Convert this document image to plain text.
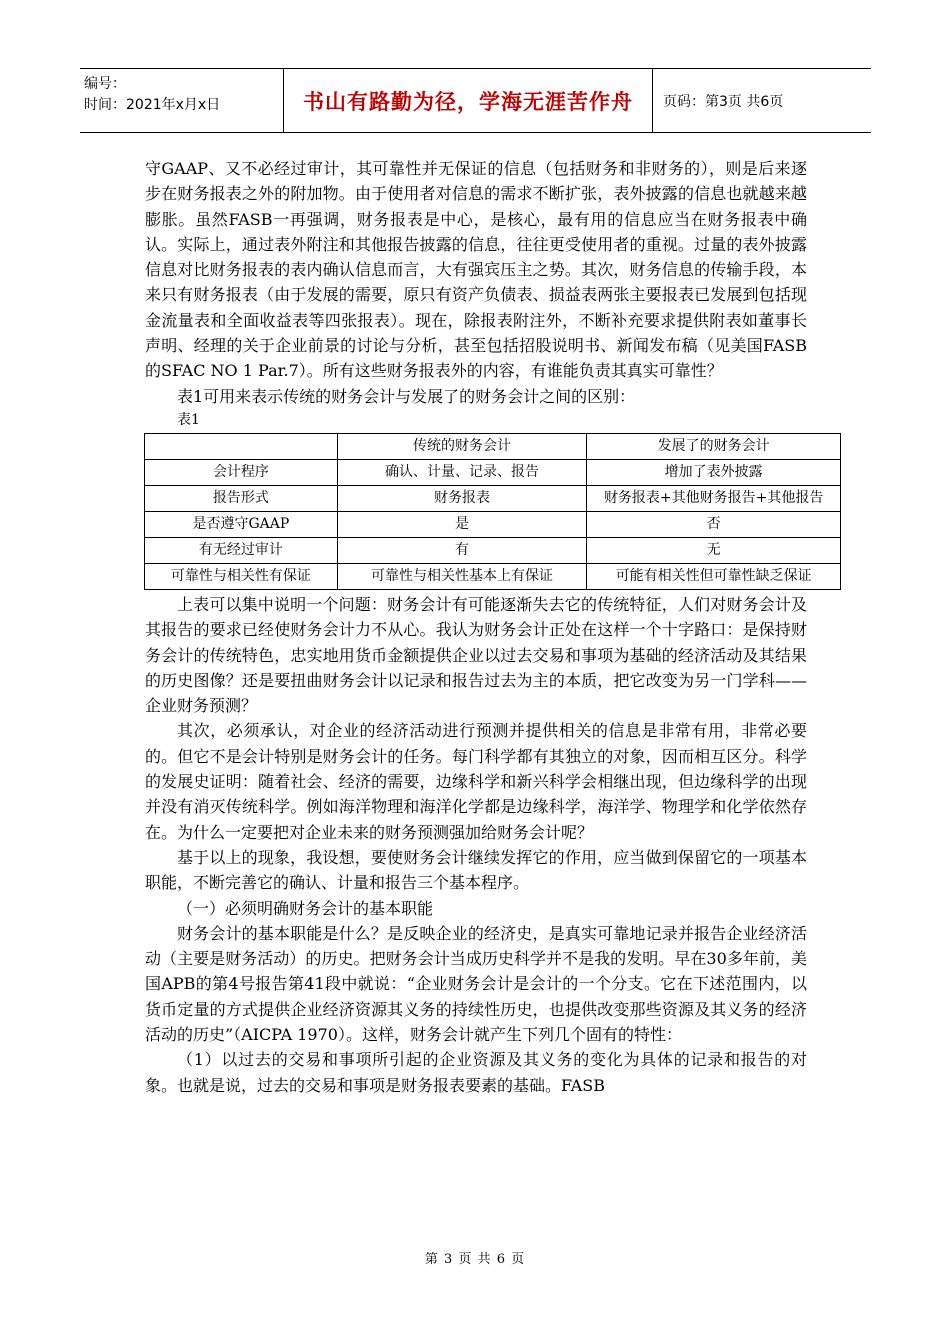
编号：
时间：2021年x月x日	书山有路勤为径，学海无涯苦作舟	页码：第3页 共6页

守GAAP、又不必经过审计，其可靠性并无保证的信息（包括财务和非财务的），则是后来逐步在财务报表之外的附加物。由于使用者对信息的需求不断扩张，表外披露的信息也就越来越膨胀。虽然FASB一再强调，财务报表是中心，是核心，最有用的信息应当在财务报表中确认。实际上，通过表外附注和其他报告披露的信息，往往更受使用者的重视。过量的表外披露信息对比财务报表的表内确认信息而言，大有强宾压主之势。其次，财务信息的传输手段，本来只有财务报表（由于发展的需要，原只有资产负债表、损益表两张主要报表已发展到包括现金流量表和全面收益表等四张报表）。现在，除报表附注外，不断补充要求提供附表如董事长声明、经理的关于企业前景的讨论与分析，甚至包括招股说明书、新闻发布稿（见美国FASB的SFAC NO 1 Par.7）。所有这些财务报表外的内容，有谁能负责其真实可靠性？

表1可用来表示传统的财务会计与发展了的财务会计之间的区别：

表1

	传统的财务会计	发展了的财务会计
会计程序	确认、计量、记录、报告	增加了表外披露
报告形式	财务报表	财务报表+其他财务报告+其他报告
是否遵守GAAP	是	否
有无经过审计	有	无
可靠性与相关性有保证	可靠性与相关性基本上有保证	可能有相关性但可靠性缺乏保证

上表可以集中说明一个问题：财务会计有可能逐渐失去它的传统特征，人们对财务会计及其报告的要求已经使财务会计力不从心。我认为财务会计正处在这样一个十字路口：是保持财务会计的传统特色，忠实地用货币金额提供企业以过去交易和事项为基础的经济活动及其结果的历史图像？还是要扭曲财务会计以记录和报告过去为主的本质，把它改变为另一门学科——企业财务预测？

其次，必须承认，对企业的经济活动进行预测并提供相关的信息是非常有用，非常必要的。但它不是会计特别是财务会计的任务。每门科学都有其独立的对象，因而相互区分。科学的发展史证明：随着社会、经济的需要，边缘科学和新兴科学会相继出现，但边缘科学的出现并没有消灭传统科学。例如海洋物理和海洋化学都是边缘科学，海洋学、物理学和化学依然存在。为什么一定要把对企业未来的财务预测强加给财务会计呢？

基于以上的现象，我设想，要使财务会计继续发挥它的作用，应当做到保留它的一项基本职能，不断完善它的确认、计量和报告三个基本程序。

（一）必须明确财务会计的基本职能

财务会计的基本职能是什么？是反映企业的经济史，是真实可靠地记录并报告企业经济活动（主要是财务活动）的历史。把财务会计当成历史科学并不是我的发明。早在30多年前，美国APB的第4号报告第41段中就说：“企业财务会计是会计的一个分支。它在下述范围内，以货币定量的方式提供企业经济资源其义务的持续性历史，也提供改变那些资源及其义务的经济活动的历史”（AICPA 1970）。这样，财务会计就产生下列几个固有的特性：

（1）以过去的交易和事项所引起的企业资源及其义务的变化为具体的记录和报告的对象。也就是说，过去的交易和事项是财务报表要素的基础。FASB

第 3 页 共 6 页
